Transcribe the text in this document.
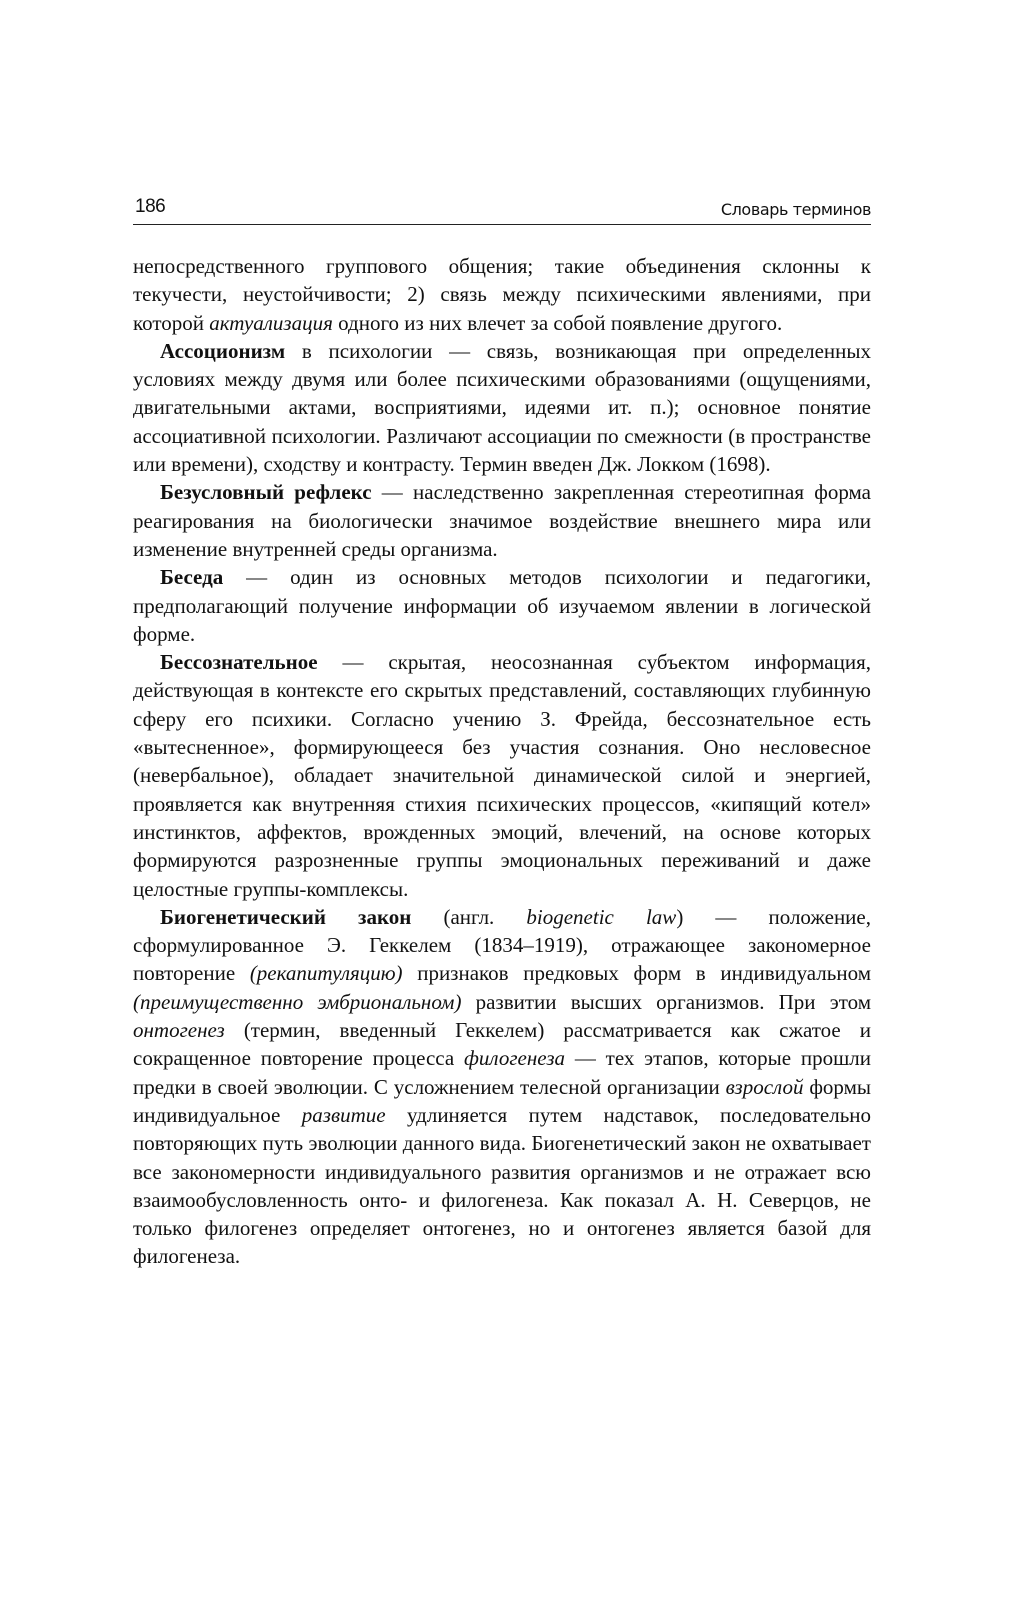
186	Словарь терминов

непосредственного группового общения; такие объединения склонны к текучести, неустойчивости; 2) связь между психическими явлениями, при которой актуализация одного из них влечет за собой появление другого.

Ассоционизм в психологии — связь, возникающая при определенных условиях между двумя или более психическими образованиями (ощущениями, двигательными актами, восприятиями, идеями ит. п.); основное понятие ассоциативной психологии. Различают ассоциации по смежности (в пространстве или времени), сходству и контрасту. Термин введен Дж. Локком (1698).

Безусловный рефлекс — наследственно закрепленная стереотипная форма реагирования на биологически значимое воздействие внешнего мира или изменение внутренней среды организма.

Беседа — один из основных методов психологии и педагогики, предполагающий получение информации об изучаемом явлении в логической форме.

Бессознательное — скрытая, неосознанная субъектом информация, действующая в контексте его скрытых представлений, составляющих глубинную сферу его психики. Согласно учению З. Фрейда, бессознательное есть «вытесненное», формирующееся без участия сознания. Оно несловесное (невербальное), обладает значительной динамической силой и энергией, проявляется как внутренняя стихия психических процессов, «кипящий котел» инстинктов, аффектов, врожденных эмоций, влечений, на основе которых формируются разрозненные группы эмоциональных переживаний и даже целостные группы-комплексы.

Биогенетический закон (англ. biogenetic law) — положение, сформулированное Э. Геккелем (1834–1919), отражающее закономерное повторение (рекапитуляцию) признаков предковых форм в индивидуальном (преимущественно эмбриональном) развитии высших организмов. При этом онтогенез (термин, введенный Геккелем) рассматривается как сжатое и сокращенное повторение процесса филогенеза — тех этапов, которые прошли предки в своей эволюции. С усложнением телесной организации взрослой формы индивидуальное развитие удлиняется путем надставок, последовательно повторяющих путь эволюции данного вида. Биогенетический закон не охватывает все закономерности индивидуального развития организмов и не отражает всю взаимообусловленность онто- и филогенеза. Как показал А. Н. Северцов, не только филогенез определяет онтогенез, но и онтогенез является базой для филогенеза.
